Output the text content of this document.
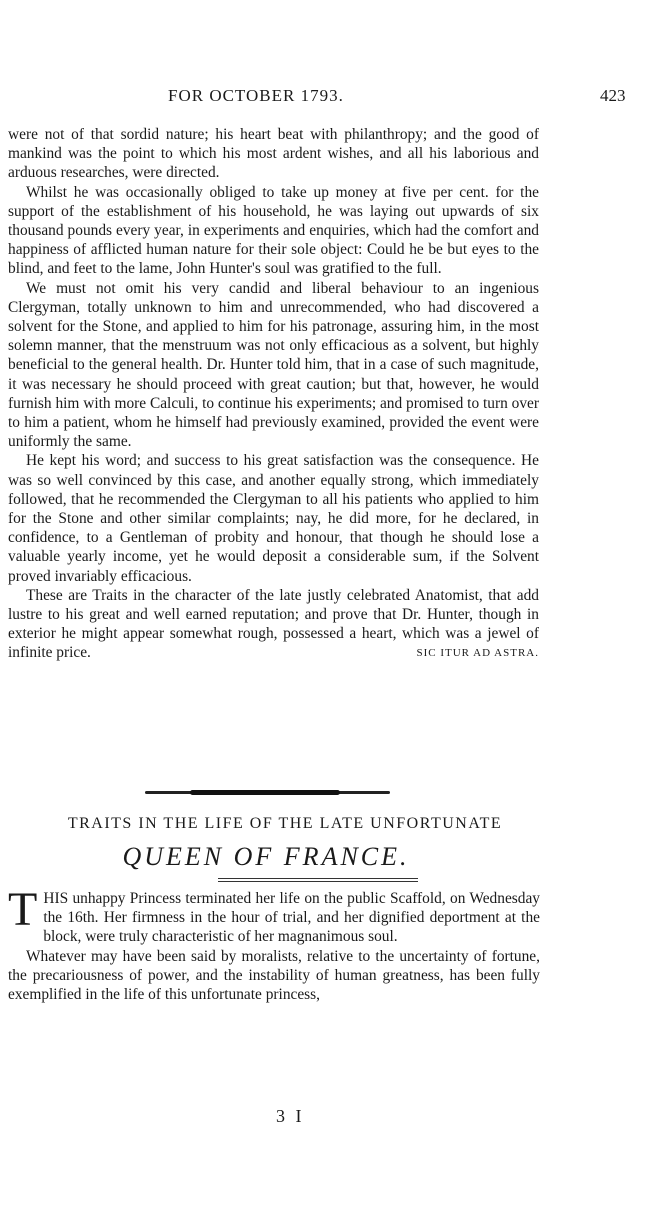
FOR OCTOBER 1793.	423

were not of that sordid nature; his heart beat with philanthropy; and the good of mankind was the point to which his most ardent wishes, and all his laborious and arduous researches, were directed.

Whilst he was occasionally obliged to take up money at five per cent. for the support of the establishment of his household, he was laying out upwards of six thousand pounds every year, in experiments and enquiries, which had the comfort and happiness of afflicted human nature for their sole object: Could he be but eyes to the blind, and feet to the lame, John Hunter's soul was gratified to the full.

We must not omit his very candid and liberal behaviour to an ingenious Clergyman, totally unknown to him and unrecommended, who had discovered a solvent for the Stone, and applied to him for his patronage, assuring him, in the most solemn manner, that the menstruum was not only efficacious as a solvent, but highly beneficial to the general health. Dr. Hunter told him, that in a case of such magnitude, it was necessary he should proceed with great caution; but that, however, he would furnish him with more Calculi, to continue his experiments; and promised to turn over to him a patient, whom he himself had previously examined, provided the event were uniformly the same.

He kept his word; and success to his great satisfaction was the consequence. He was so well convinced by this case, and another equally strong, which immediately followed, that he recommended the Clergyman to all his patients who applied to him for the Stone and other similar complaints; nay, he did more, for he declared, in confidence, to a Gentleman of probity and honour, that though he should lose a valuable yearly income, yet he would deposit a considerable sum, if the Solvent proved invariably efficacious.

These are Traits in the character of the late justly celebrated Anatomist, that add lustre to his great and well earned reputation; and prove that Dr. Hunter, though in exterior he might appear somewhat rough, possessed a heart, which was a jewel of infinite price.	SIC ITUR AD ASTRA.
TRAITS IN THE LIFE OF THE LATE UNFORTUNATE
QUEEN OF FRANCE.

THIS unhappy Princess terminated her life on the public Scaffold, on Wednesday the 16th. Her firmness in the hour of trial, and her dignified deportment at the block, were truly characteristic of her magnanimous soul.

Whatever may have been said by moralists, relative to the uncertainty of fortune, the precariousness of power, and the instability of human greatness, has been fully exemplified in the life of this unfortunate princess,

3 I
